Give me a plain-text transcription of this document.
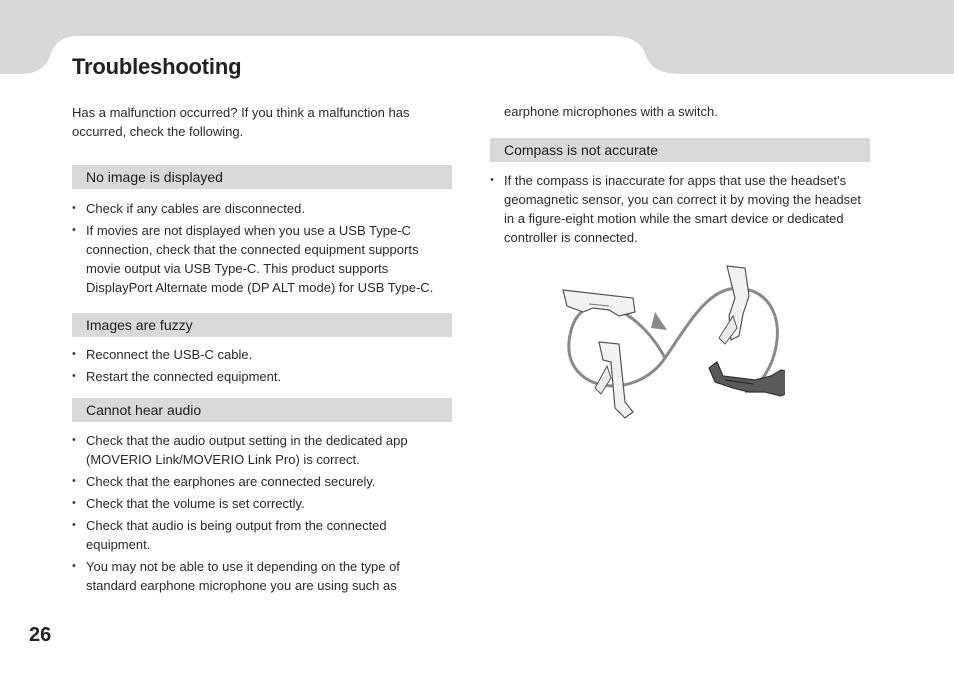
Troubleshooting

Has a malfunction occurred? If you think a malfunction has occurred, check the following.

No image is displayed
• Check if any cables are disconnected.
• If movies are not displayed when you use a USB Type-C connection, check that the connected equipment supports movie output via USB Type-C. This product supports DisplayPort Alternate mode (DP ALT mode) for USB Type-C.
Images are fuzzy
• Reconnect the USB-C cable.
• Restart the connected equipment.
Cannot hear audio
• Check that the audio output setting in the dedicated app (MOVERIO Link/MOVERIO Link Pro) is correct.
• Check that the earphones are connected securely.
• Check that the volume is set correctly.
• Check that audio is being output from the connected equipment.
• You may not be able to use it depending on the type of standard earphone microphone you are using such as

earphone microphones with a switch.

Compass is not accurate
• If the compass is inaccurate for apps that use the headset's geomagnetic sensor, you can correct it by moving the headset in a figure-eight motion while the smart device or dedicated controller is connected.
26
